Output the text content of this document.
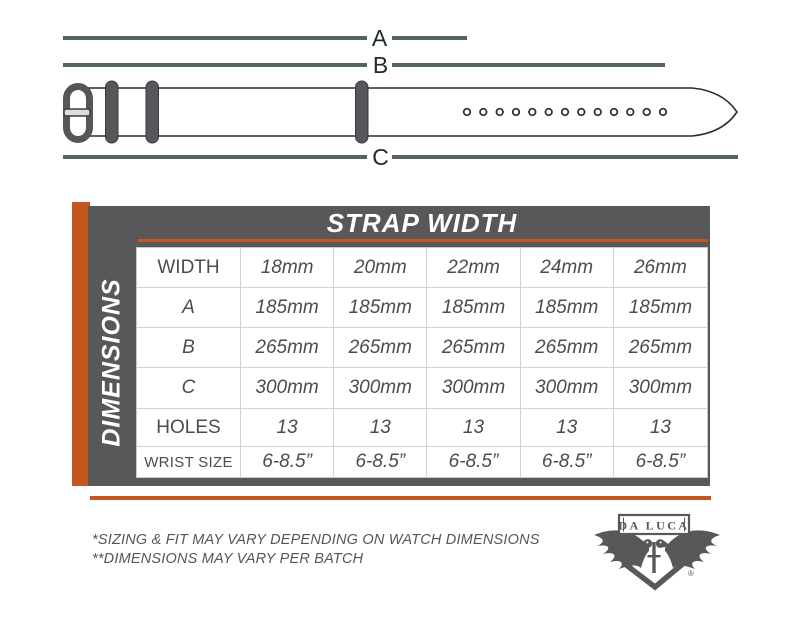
A
B
C
STRAP WIDTH
DIMENSIONS
WIDTH	18mm	20mm	22mm	24mm	26mm
A	185mm	185mm	185mm	185mm	185mm
B	265mm	265mm	265mm	265mm	265mm
C	300mm	300mm	300mm	300mm	300mm
HOLES	13	13	13	13	13
WRIST SIZE	6-8.5”	6-8.5”	6-8.5”	6-8.5”	6-8.5”
*SIZING & FIT MAY VARY DEPENDING ON WATCH DIMENSIONS
**DIMENSIONS MAY VARY PER BATCH
DA LUCA
®
